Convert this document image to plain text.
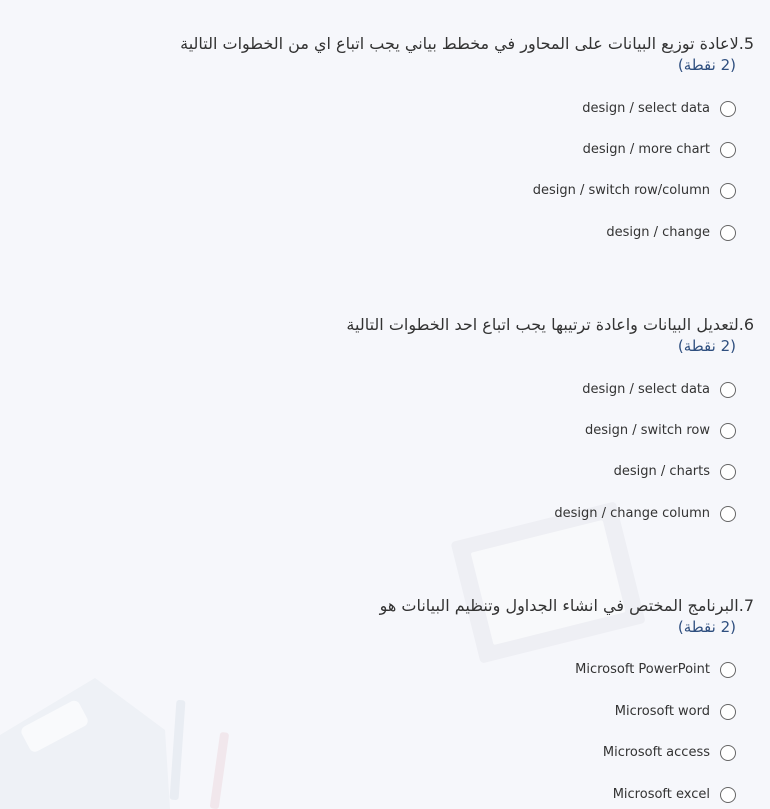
5.لاعادة توزيع البيانات على المحاور في مخطط بياني يجب اتباع اي من الخطوات التالية
(2 نقطة)
design / select data
design / more chart
design / switch row/column
design / change
6.لتعديل البيانات واعادة ترتيبها يجب اتباع احد الخطوات التالية
(2 نقطة)
design / select data
design / switch row
design / charts
design / change column
7.البرنامج المختص في انشاء الجداول وتنظيم البيانات هو
(2 نقطة)
Microsoft PowerPoint
Microsoft word
Microsoft access
Microsoft excel
